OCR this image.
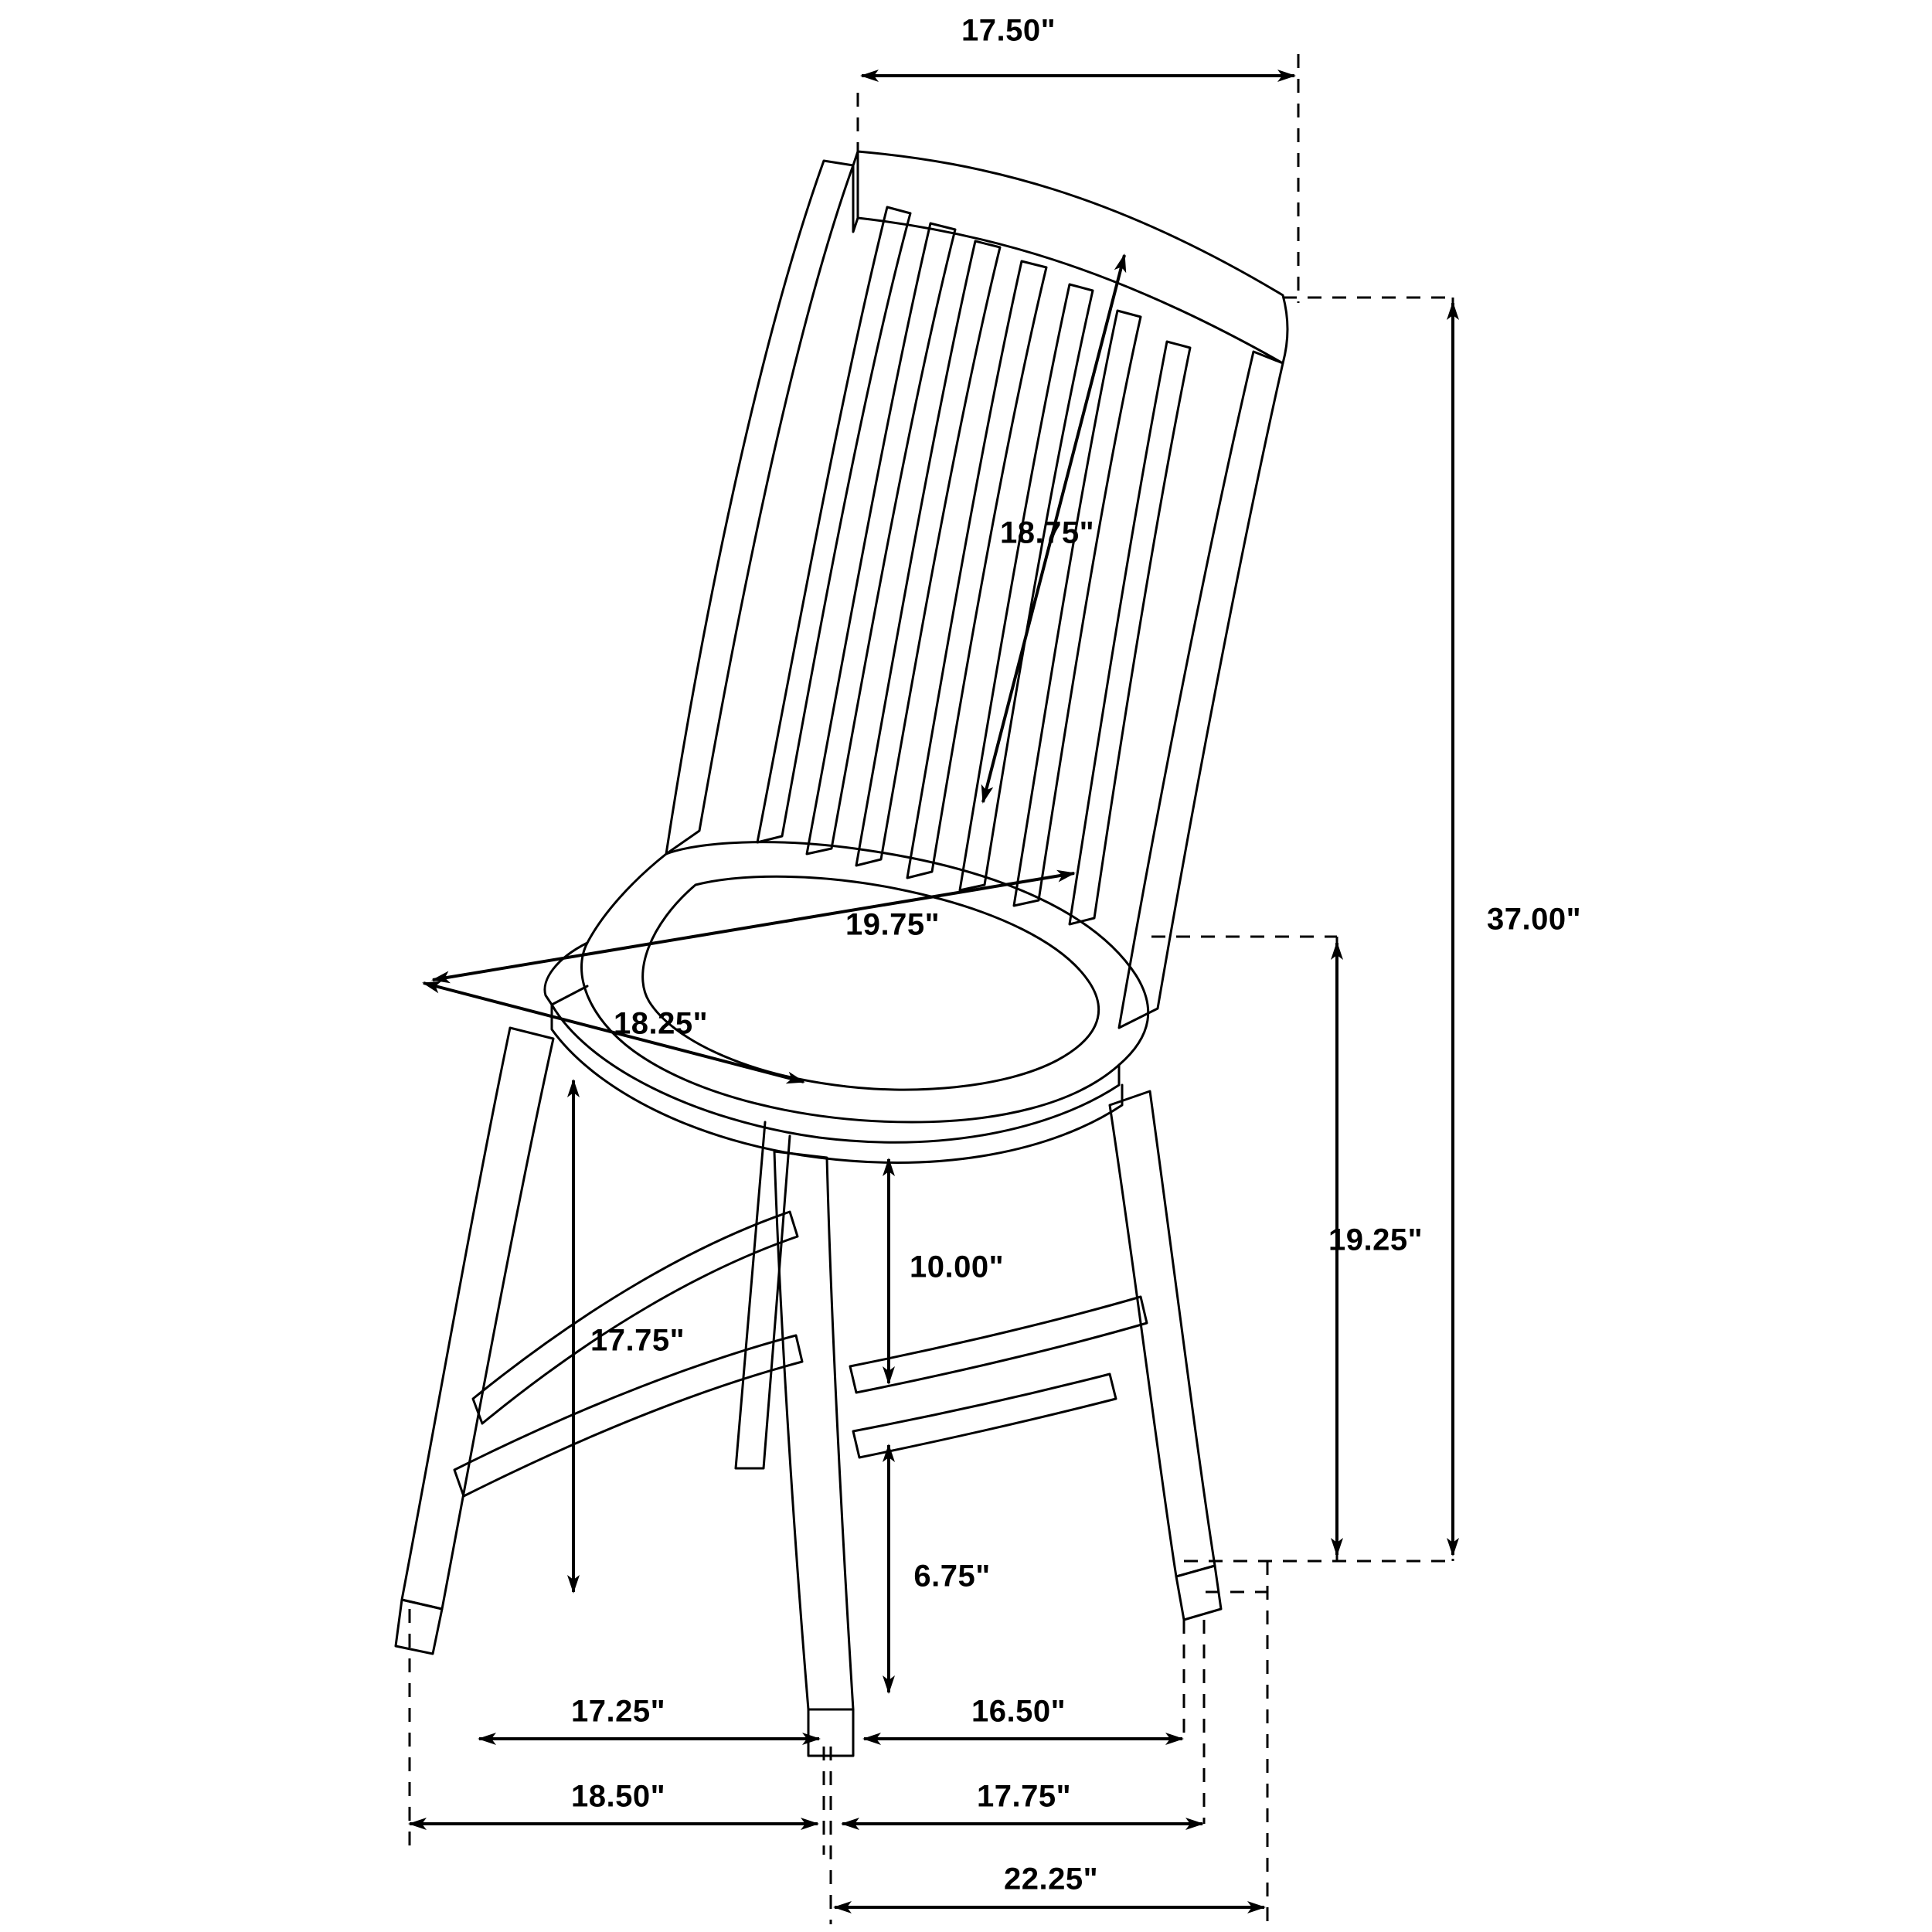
17.50"
18.75"
37.00"
19.75"
18.25"
19.25"
10.00"
17.75"
6.75"
17.25"	16.50"
18.50"	17.75"
22.25"
